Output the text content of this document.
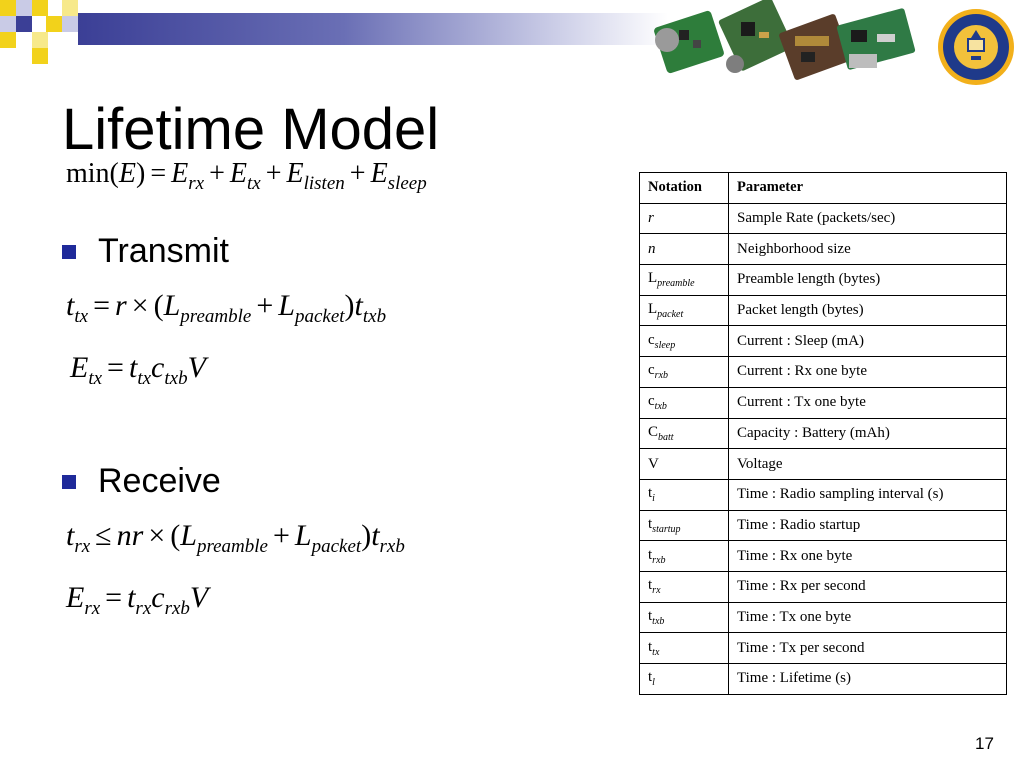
Lifetime Model
$\min(E) = E_{rx} + E_{tx} + E_{listen} + E_{sleep}$
Transmit
$t_{tx} = r \times (L_{preamble} + L_{packet})t_{txb}$
$E_{tx} = t_{tx}c_{txb}V$
Receive
$t_{rx}$ ≤ nr × $(L_{preamble} + L_{packet})t_{rxb}$
$E_{rx} = t_{rx}c_{rxb}V$
Notation	Parameter
r	Sample Rate (packets/sec)
n	Neighborhood size
$L_{preamble}$	Preamble length (bytes)
$L_{packet}$	Packet length (bytes)
$c_{sleep}$	Current : Sleep (mA)
$c_{rxb}$	Current : Rx one byte
$c_{txb}$	Current : Tx one byte
$C_{batt}$	Capacity : Battery (mAh)
V	Voltage
$t_i$	Time : Radio sampling interval (s)
$t_{startup}$	Time : Radio startup
$t_{rxb}$	Time : Rx one byte
$t_{rx}$	Time : Rx per second
$t_{txb}$	Time : Tx one byte
$t_{tx}$	Time : Tx per second
$t_l$	Time : Lifetime (s)
17
